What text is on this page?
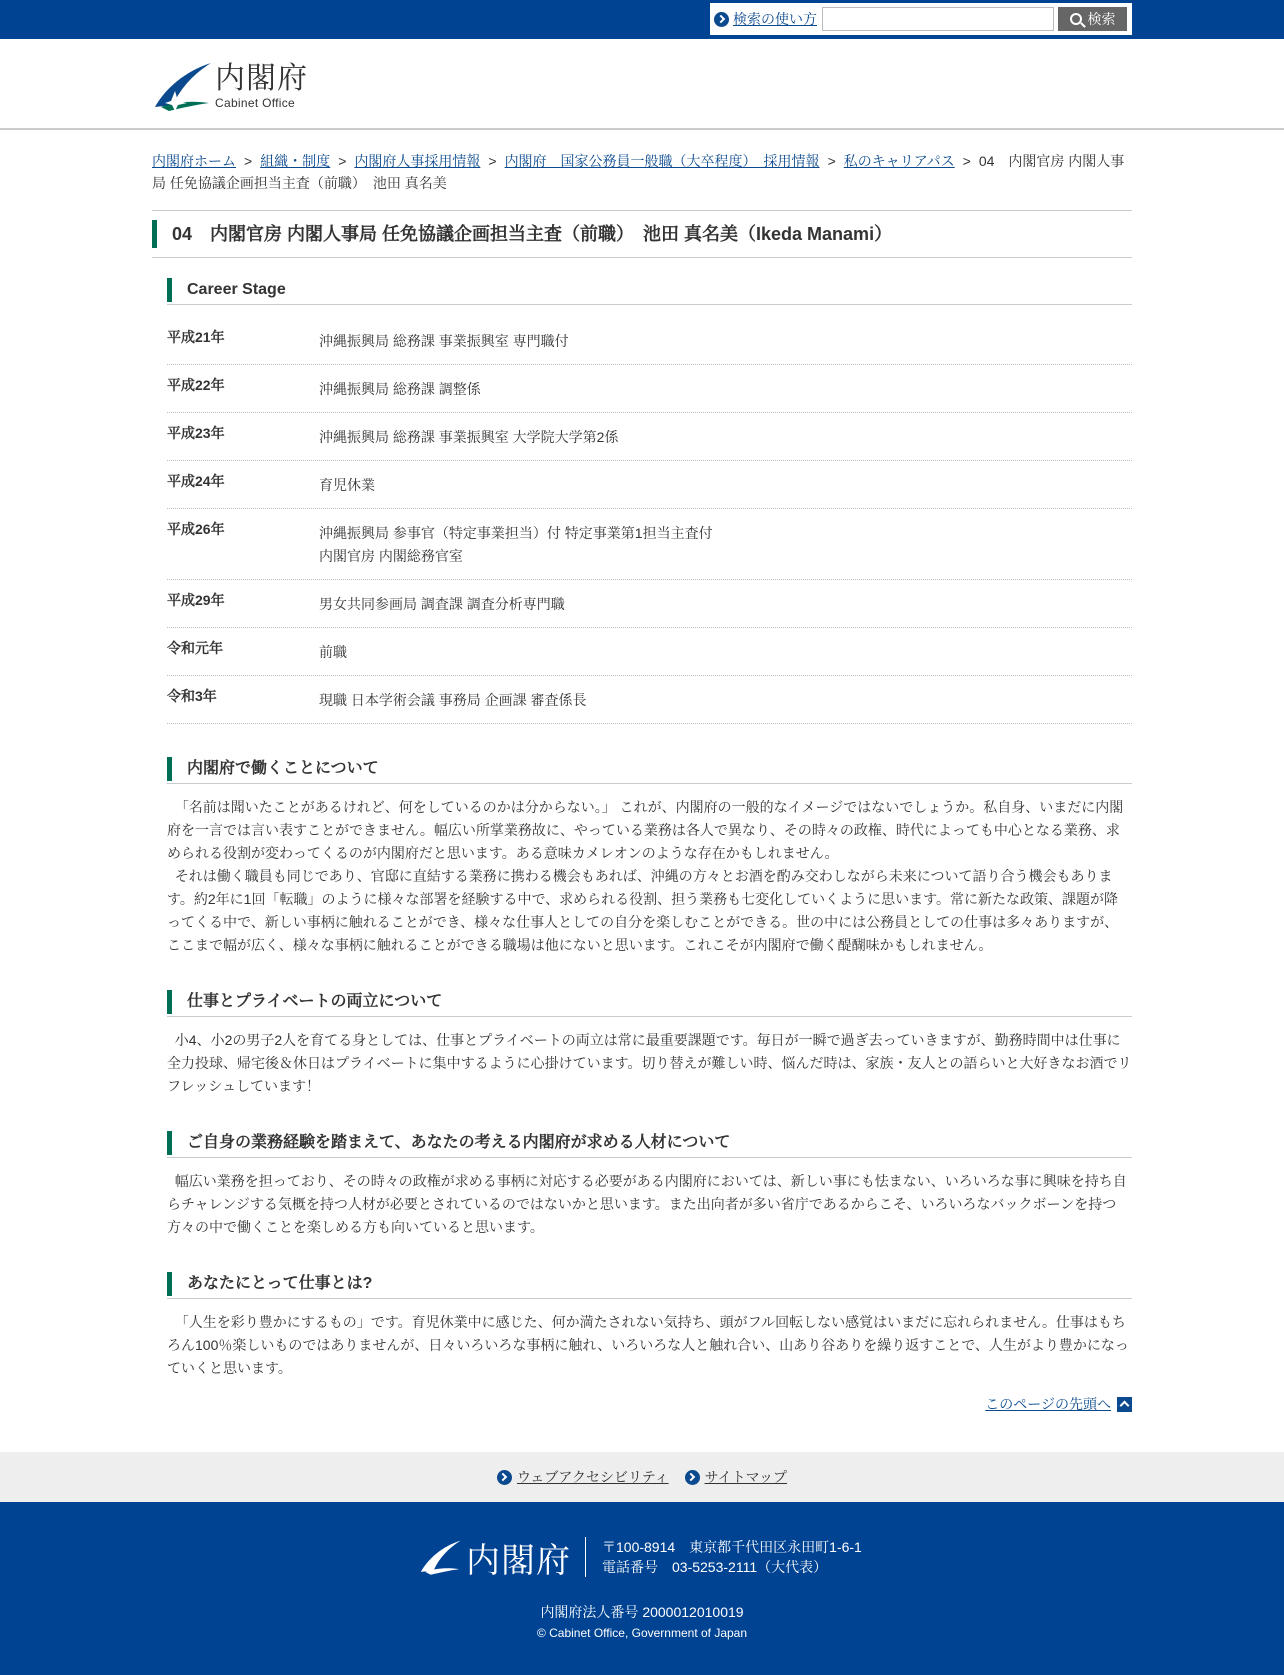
検索の使い方	検索
内閣府
Cabinet Office
内閣府ホーム > 組織・制度 > 内閣府人事採用情報 > 内閣府　国家公務員一般職（大卒程度）　採用情報 > 私のキャリアパス > 04　内閣官房 内閣人事局 任免協議企画担当主査（前職）　池田 真名美
04　内閣官房 内閣人事局 任免協議企画担当主査（前職）　池田 真名美（Ikeda Manami）
Career Stage
平成21年	沖縄振興局 総務課 事業振興室 専門職付
平成22年	沖縄振興局 総務課 調整係
平成23年	沖縄振興局 総務課 事業振興室 大学院大学第2係
平成24年	育児休業
平成26年	沖縄振興局 参事官（特定事業担当）付 特定事業第1担当主査付
内閣官房 内閣総務官室
平成29年	男女共同参画局 調査課 調査分析専門職
令和元年	前職
令和3年	現職 日本学術会議 事務局 企画課 審査係長
内閣府で働くことについて

「名前は聞いたことがあるけれど、何をしているのかは分からない。」 これが、内閣府の一般的なイメージではないでしょうか。私自身、いまだに内閣府を一言では言い表すことができません。幅広い所掌業務故に、やっている業務は各人で異なり、その時々の政権、時代によっても中心となる業務、求められる役割が変わってくるのが内閣府だと思います。ある意味カメレオンのような存在かもしれません。

それは働く職員も同じであり、官邸に直結する業務に携わる機会もあれば、沖縄の方々とお酒を酌み交わしながら未来について語り合う機会もあります。約2年に1回「転職」のように様々な部署を経験する中で、求められる役割、担う業務も七変化していくように思います。常に新たな政策、課題が降ってくる中で、新しい事柄に触れることができ、様々な仕事人としての自分を楽しむことができる。世の中には公務員としての仕事は多々ありますが、ここまで幅が広く、様々な事柄に触れることができる職場は他にないと思います。これこそが内閣府で働く醍醐味かもしれません。

仕事とプライベートの両立について

小4、小2の男子2人を育てる身としては、仕事とプライベートの両立は常に最重要課題です。毎日が一瞬で過ぎ去っていきますが、勤務時間中は仕事に全力投球、帰宅後＆休日はプライベートに集中するように心掛けています。切り替えが難しい時、悩んだ時は、家族・友人との語らいと大好きなお酒でリフレッシュしています！

ご自身の業務経験を踏まえて、あなたの考える内閣府が求める人材について

幅広い業務を担っており、その時々の政権が求める事柄に対応する必要がある内閣府においては、新しい事にも怯まない、いろいろな事に興味を持ち自らチャレンジする気概を持つ人材が必要とされているのではないかと思います。また出向者が多い省庁であるからこそ、いろいろなバックボーンを持つ方々の中で働くことを楽しめる方も向いていると思います。

あなたにとって仕事とは?

「人生を彩り豊かにするもの」です。育児休業中に感じた、何か満たされない気持ち、頭がフル回転しない感覚はいまだに忘れられません。仕事はもちろん100％楽しいものではありませんが、日々いろいろな事柄に触れ、いろいろな人と触れ合い、山あり谷ありを繰り返すことで、人生がより豊かになっていくと思います。

このページの先頭へ
ウェブアクセシビリティ	サイトマップ
内閣府 〒100-8914　東京都千代田区永田町1-6-1
電話番号　03-5253-2111（大代表）
内閣府法人番号 2000012010019
© Cabinet Office, Government of Japan
